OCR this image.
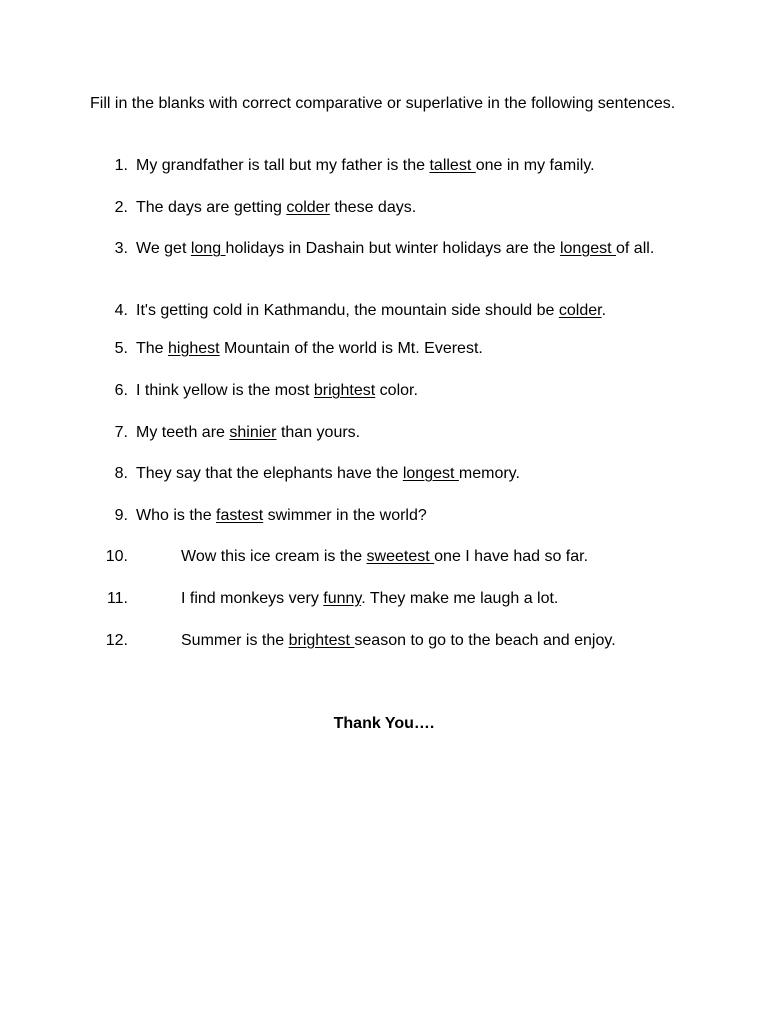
Fill in the blanks with correct comparative or superlative in the following sentences.
1. My grandfather is tall but my father is the tallest one in my family.
2. The days are getting colder these days.
3. We get long holidays in Dashain but winter holidays are the longest of all.
4. It's getting cold in Kathmandu, the mountain side should be colder.
5. The highest Mountain of the world is Mt. Everest.
6. I think yellow is the most brightest color.
7. My teeth are shinier than yours.
8. They say that the elephants have the longest memory.
9. Who is the fastest swimmer in the world?
10.	Wow this ice cream is the sweetest one I have had so far.
11.	I find monkeys very funny. They make me laugh a lot.
12.	Summer is the brightest season to go to the beach and enjoy.
Thank You….
